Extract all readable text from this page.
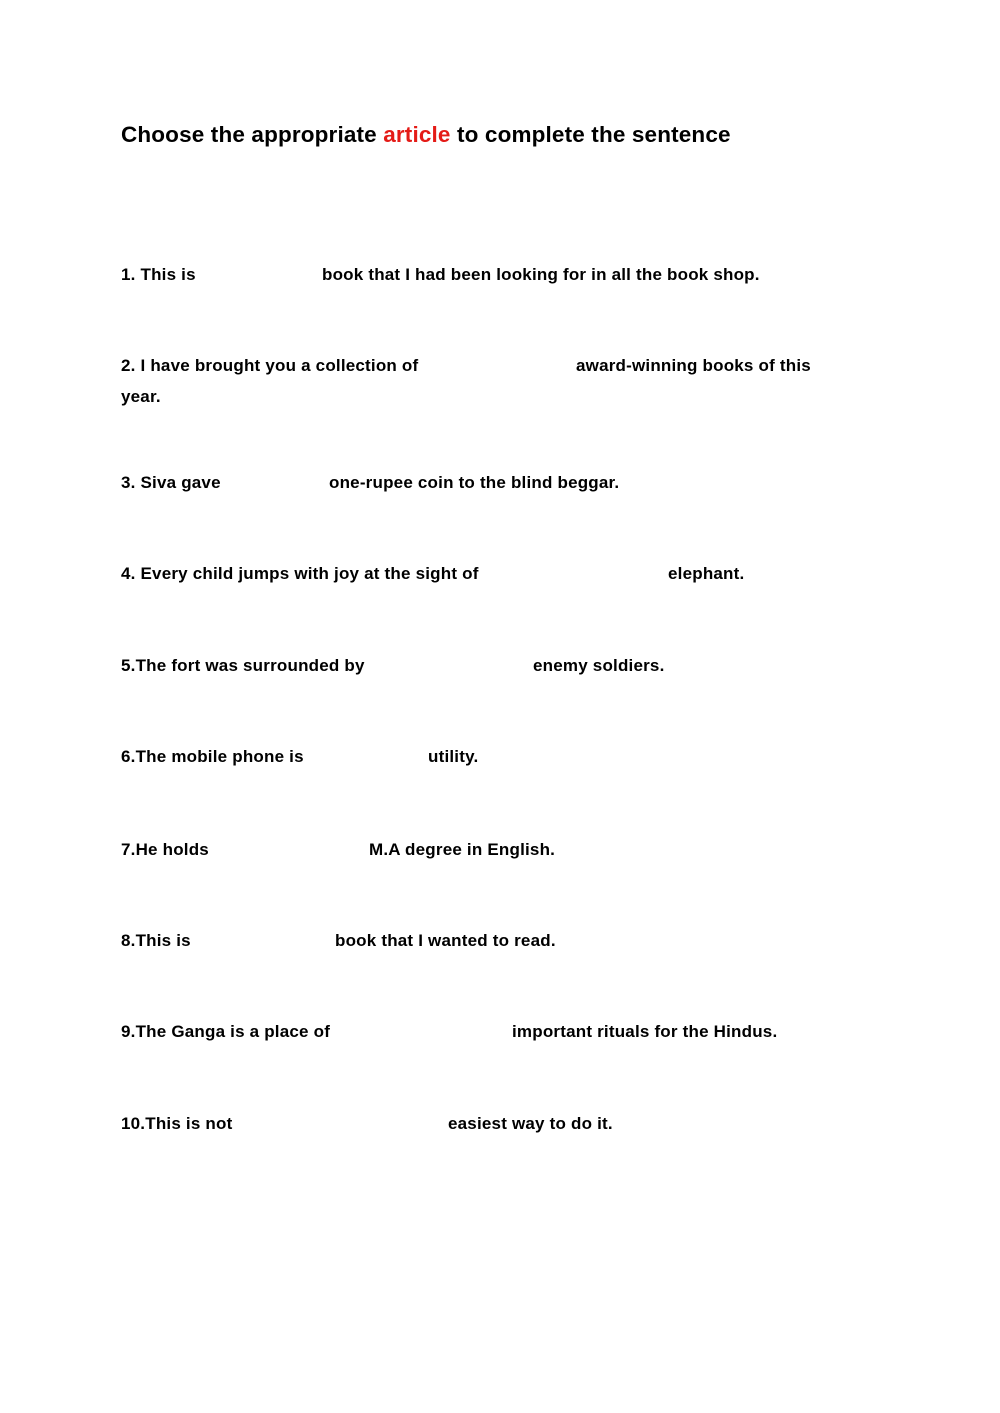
Choose the appropriate article to complete the sentence
1. This is	book that I had been looking for in all the book shop.
2. I have brought you a collection of	award-winning books of this
year.
3. Siva gave	one-rupee coin to the blind beggar.
4. Every child jumps with joy at the sight of	elephant.
5.The fort was surrounded by	enemy soldiers.
6.The mobile phone is	utility.
7.He holds	M.A degree in English.
8.This is	book that I wanted to read.
9.The Ganga is a place of	important rituals for the Hindus.
10.This is not	easiest way to do it.
